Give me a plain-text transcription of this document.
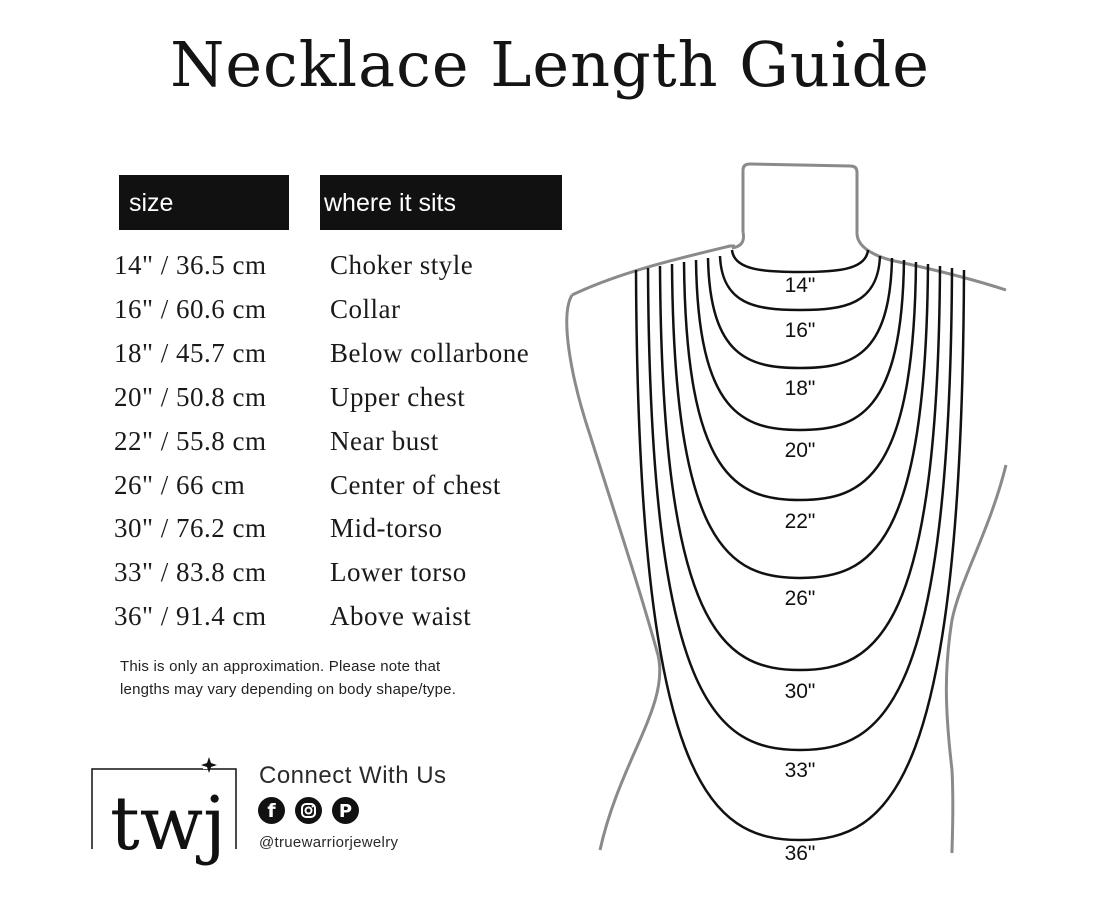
Necklace Length Guide
size	where it sits
14" / 36.5 cm Choker style
16" / 60.6 cm Collar
18" / 45.7 cm Below collarbone
20" / 50.8 cm Upper chest
22" / 55.8 cm Near bust
26" / 66 cm	Center of chest
30" / 76.2 cm Mid-torso
33" / 83.8 cm Lower torso
36" / 91.4 cm Above waist
This is only an approximation. Please note that
lengths may vary depending on body shape/type.
twj
Connect With Us
f	P
@truewarriorjewelry
14"
16"
18"
20"
22"
26"
30"
33"
36"
